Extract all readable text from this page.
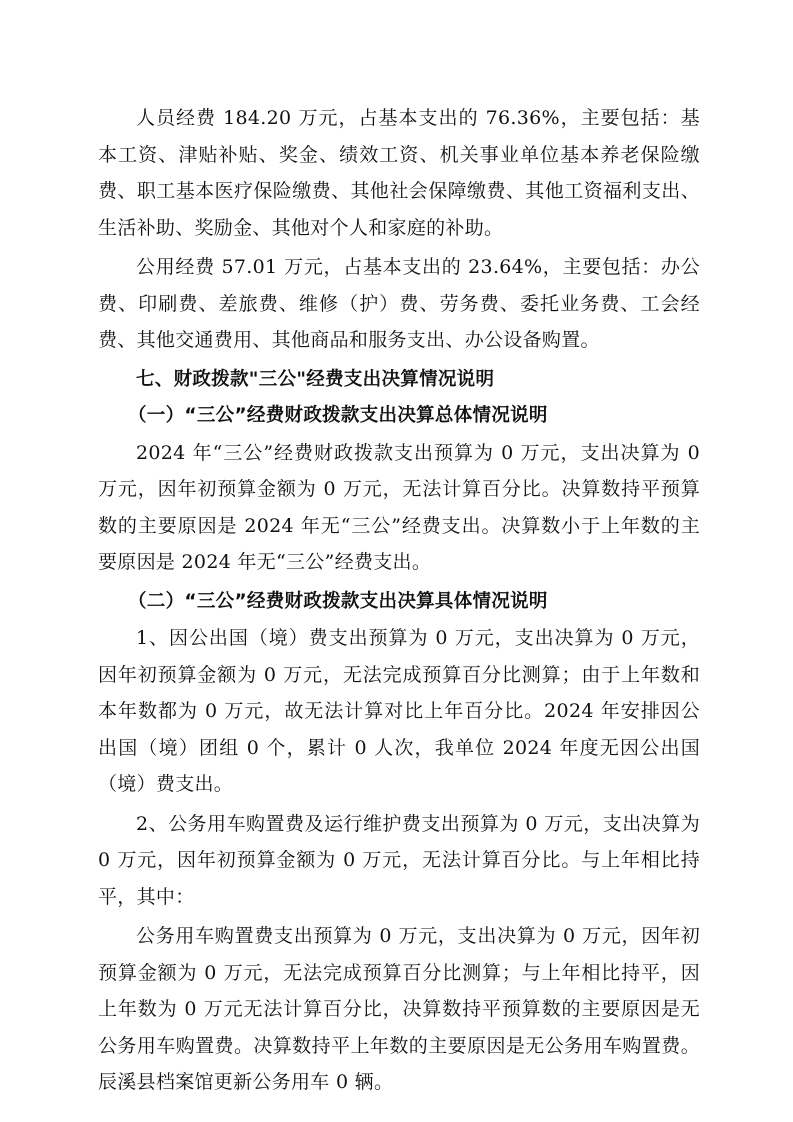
人员经费 184.20 万元，占基本支出的 76.36%，主要包括：基本工资、津贴补贴、奖金、绩效工资、机关事业单位基本养老保险缴费、职工基本医疗保险缴费、其他社会保障缴费、其他工资福利支出、生活补助、奖励金、其他对个人和家庭的补助。

公用经费 57.01 万元，占基本支出的 23.64%，主要包括：办公费、印刷费、差旅费、维修（护）费、劳务费、委托业务费、工会经费、其他交通费用、其他商品和服务支出、办公设备购置。

七、财政拨款"三公"经费支出决算情况说明

（一）“三公”经费财政拨款支出决算总体情况说明

2024 年“三公”经费财政拨款支出预算为 0 万元，支出决算为 0 万元，因年初预算金额为 0 万元，无法计算百分比。决算数持平预算数的主要原因是 2024 年无“三公”经费支出。决算数小于上年数的主要原因是 2024 年无“三公”经费支出。

（二）“三公”经费财政拨款支出决算具体情况说明

1、因公出国（境）费支出预算为 0 万元，支出决算为 0 万元，因年初预算金额为 0 万元，无法完成预算百分比测算；由于上年数和本年数都为 0 万元，故无法计算对比上年百分比。2024 年安排因公出国（境）团组 0 个，累计 0 人次，我单位 2024 年度无因公出国（境）费支出。

2、公务用车购置费及运行维护费支出预算为 0 万元，支出决算为 0 万元，因年初预算金额为 0 万元，无法计算百分比。与上年相比持平，其中：

公务用车购置费支出预算为 0 万元，支出决算为 0 万元，因年初预算金额为 0 万元，无法完成预算百分比测算；与上年相比持平，因上年数为 0 万元无法计算百分比，决算数持平预算数的主要原因是无公务用车购置费。决算数持平上年数的主要原因是无公务用车购置费。辰溪县档案馆更新公务用车 0 辆。
